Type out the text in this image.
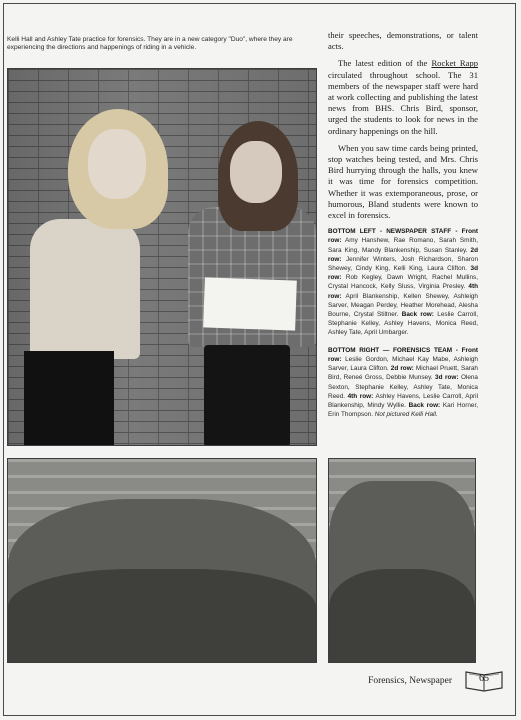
Kelli Hall and Ashley Tate practice for forensics. They are in a new category "Duo", where they are experiencing the directions and happenings of riding in a vehicle.

their speeches, demonstrations, or talent acts.

The latest edition of the Rocket Rapp circulated throughout school. The 31 members of the newspaper staff were hard at work collecting and publishing the latest news from BHS. Chris Bird, sponsor, urged the students to look for news in the ordinary happenings on the hill.

When you saw time cards being printed, stop watches being tested, and Mrs. Chris Bird hurrying through the halls, you knew it was time for forensics competition. Whether it was extemporaneous, prose, or humorous, Bland students were known to excel in forensics.

BOTTOM LEFT - NEWSPAPER STAFF - Front row: Amy Hanshew, Rae Romano, Sarah Smith, Sara King, Mandy Blankenship, Susan Stanley. 2d row: Jennifer Winters, Josh Richardson, Sharon Shewey, Cindy King, Kelli King, Laura Clifton. 3d row: Rob Kegley, Dawn Wright, Rachel Mullins, Crystal Hancock, Kelly Sluss, Virginia Presley. 4th row: April Blankenship, Kellen Shewey, Ashleigh Sarver, Meagan Perdey, Heather Morehead, Alesha Bourne, Crystal Stiltner. Back row: Leslie Carroll, Stephanie Kelley, Ashley Havens, Monica Reed, Ashley Tate, April Umbarger.
BOTTOM RIGHT — FORENSICS TEAM - Front row: Leslie Gordon, Michael Kay Mabe, Ashleigh Sarver, Laura Clifton. 2d row: Michael Pruett, Sarah Bird, Reneé Gross, Debbie Munsey. 3d row: Olena Sexton, Stephanie Kelley, Ashley Tate, Monica Reed. 4th row: Ashley Havens, Leslie Carroll, April Blankenship, Mindy Wyllie. Back row: Kari Horner, Erin Thompson. Not pictured Kelli Hall.
Forensics, Newspaper	65
